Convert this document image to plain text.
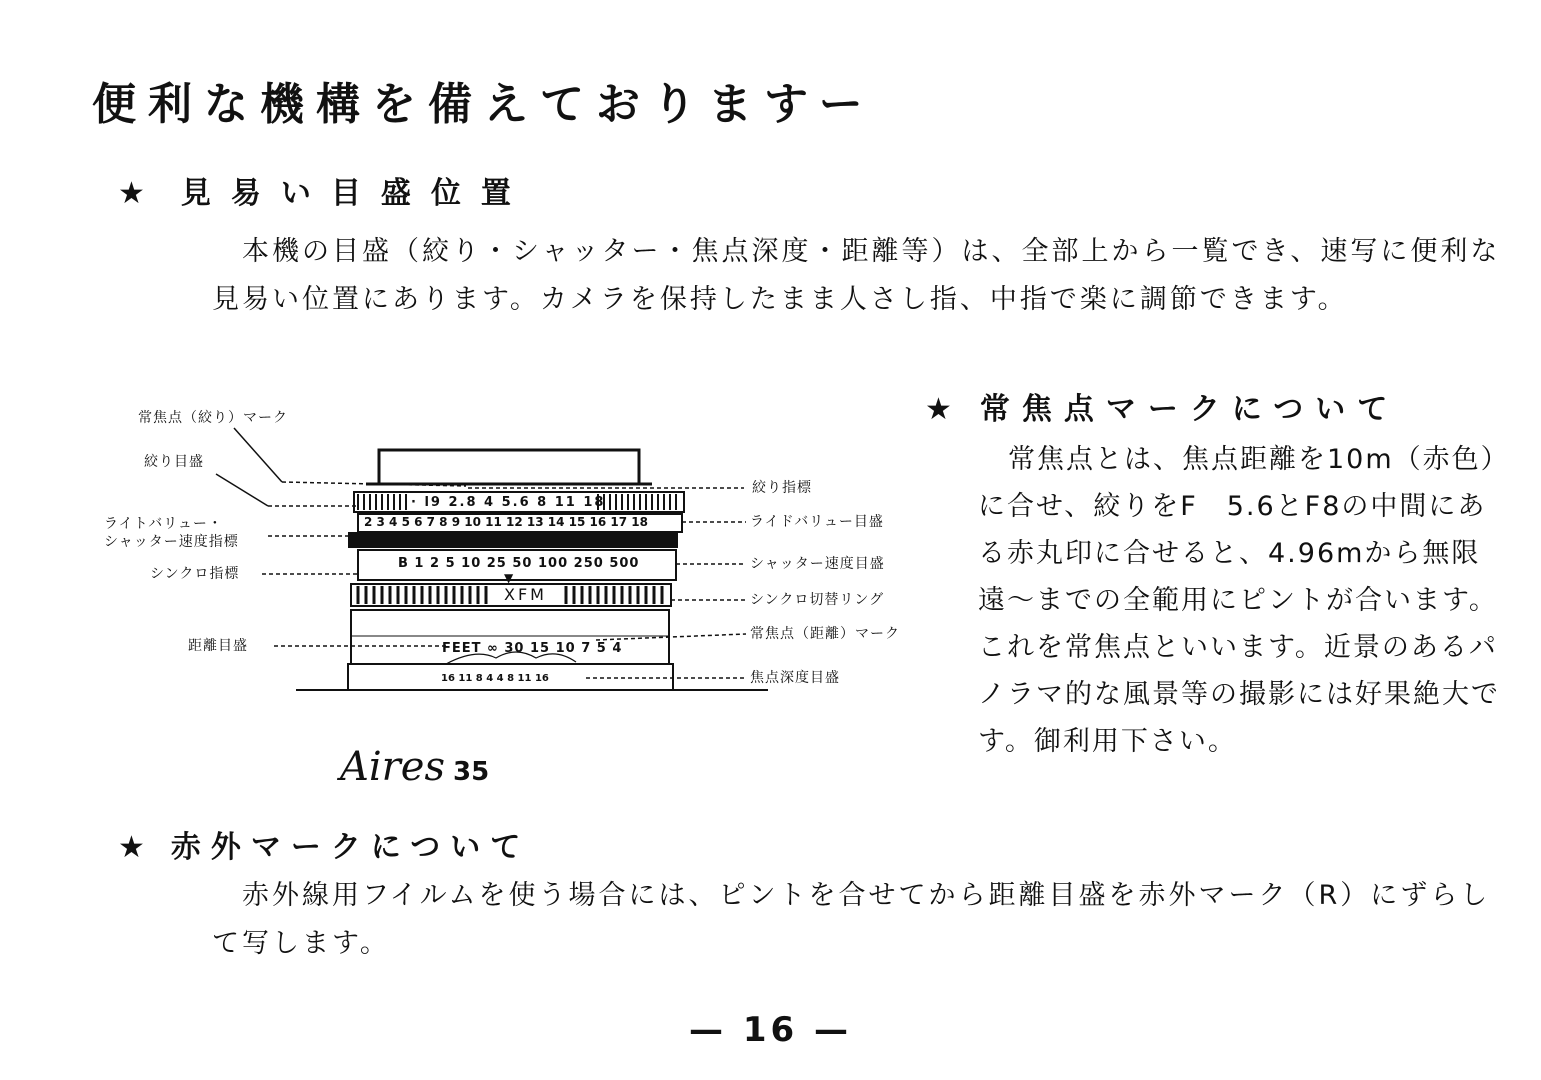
便利な機構を備えておりますー
★ 見易い目盛位置
本機の目盛（絞り・シャッター・焦点深度・距離等）は、全部上から一覧でき、速写に便利な見易い位置にあります。カメラを保持したまま人さし指、中指で楽に調節できます。
· l9 2.8 4 5.6 8 11 18
2 3 4 5 6 7 8 9 10 11 12 13 14 15 16 17 18
B 1 2 5 10 25 50 100 250 500
▼
XFM
FEET ∞ 30 15 10 7 5 4
16 11 8 4 4 8 11 16
常焦点（絞り）マーク
絞り目盛
ライトバリュー・
シャッター速度指標
シンクロ指標
距離目盛
絞り指標
ライドバリュー目盛
シャッター速度目盛
シンクロ切替リング
常焦点（距離）マーク
焦点深度目盛
Aires 35
★ 常焦点マークについて
常焦点とは、焦点距離を10m（赤色）に合せ、絞りをF　5.6とF8の中間にある赤丸印に合せると、4.96mから無限遠〜までの全範用にピントが合います。これを常焦点といいます。近景のあるパノラマ的な風景等の撮影には好果絶大です。御利用下さい。
★ 赤外マークについて
赤外線用フイルムを使う場合には、ピントを合せてから距離目盛を赤外マーク（R）にずらして写します。
— 16 —
